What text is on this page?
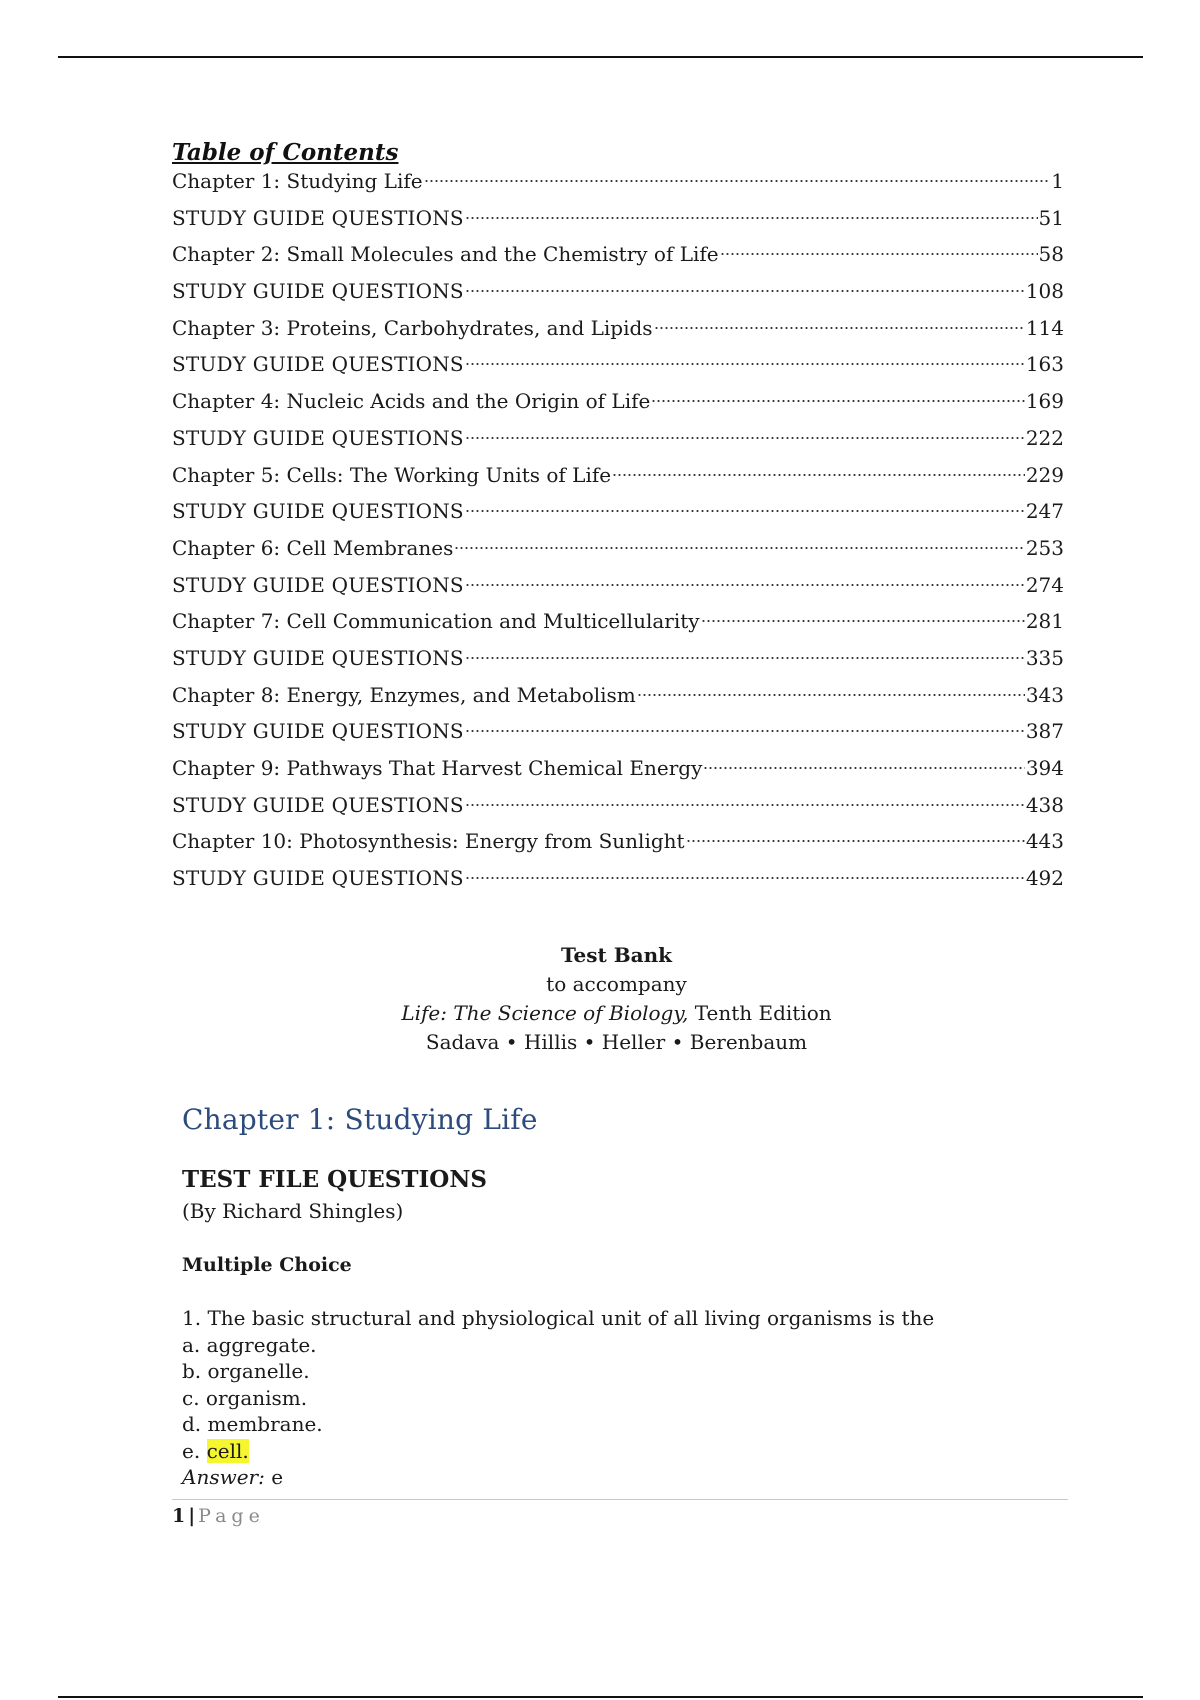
Table of Contents
Chapter 1: Studying Life	1
STUDY GUIDE QUESTIONS	51
Chapter 2: Small Molecules and the Chemistry of Life	58
STUDY GUIDE QUESTIONS	108
Chapter 3: Proteins, Carbohydrates, and Lipids	114
STUDY GUIDE QUESTIONS	163
Chapter 4: Nucleic Acids and the Origin of Life	169
STUDY GUIDE QUESTIONS	222
Chapter 5: Cells: The Working Units of Life	229
STUDY GUIDE QUESTIONS	247
Chapter 6: Cell Membranes	253
STUDY GUIDE QUESTIONS	274
Chapter 7: Cell Communication and Multicellularity	281
STUDY GUIDE QUESTIONS	335
Chapter 8: Energy, Enzymes, and Metabolism	343
STUDY GUIDE QUESTIONS	387
Chapter 9: Pathways That Harvest Chemical Energy	394
STUDY GUIDE QUESTIONS	438
Chapter 10: Photosynthesis: Energy from Sunlight	443
STUDY GUIDE QUESTIONS	492
Test Bank
to accompany
Life: The Science of Biology, Tenth Edition
Sadava • Hillis • Heller • Berenbaum
Chapter 1: Studying Life
TEST FILE QUESTIONS
(By Richard Shingles)
Multiple Choice
1. The basic structural and physiological unit of all living organisms is the
a. aggregate.
b. organelle.
c. organism.
d. membrane.
e. cell.
Answer: e
1 | Page
